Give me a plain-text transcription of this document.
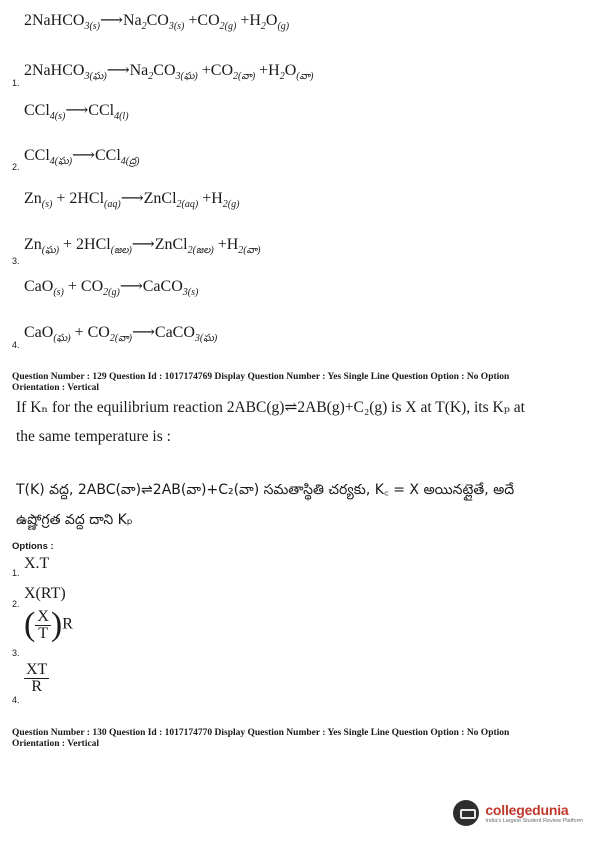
$2NaHCO_{3(s)}⟶Na_2CO_{3(s)} +CO_{2(g)} +H_2O_{(g)}$
$2NaHCO_{3(ఘ)}⟶Na_2CO_{3(ఘ)} +CO_{2(వా)} +H_2O_{(వా)}$
1.
CCl$_{4(s)}$⟶CCl$_{4(l)}$
CCl$_{4(ఘ)}$⟶CCl$_{4(ద్ర)}$
2.
$Zn_{(s)}$ + 2HCl$_{(aq)}$⟶ZnCl$_{2(aq)}$ $+H_{2(g)}$
$Zn_{(ఘ)}$ + 2HCl$_{(జల)}$⟶ZnCl$_{2(జల)}$ $+H_{2(వా)}$
3.
$CaO_{(s)} + CO_{2(g)}⟶CaCO_{3(s)}$
$CaO_{(ఘ)} + CO_{2(వా)}⟶CaCO_{3(ఘ)}$
4.
Question Number : 129 Question Id : 1017174769 Display Question Number : Yes Single Line Question Option : No Option
Orientation : Vertical
If Kₙ for the equilibrium reaction 2ABC(g)⇌2AB(g)+C₂(g) is X at T(K), its Kₚ at
the same temperature is :
T(K) వద్ద, 2ABC(వా)⇌2AB(వా)+C₂(వా) సమతాస్థితి చర్యకు, K꜀ = X అయినట్లైతే, అదే
ఉష్ణోగ్రత వద్ద దాని Kₚ
Options :
1.
X.T
2.
X(RT)
3.
( $\frac{X}{T} )R$
4.
$\frac{XT}{R}$
Question Number : 130 Question Id : 1017174770 Display Question Number : Yes Single Line Question Option : No Option
Orientation : Vertical
collegedunia
India's Largest Student Review Platform
